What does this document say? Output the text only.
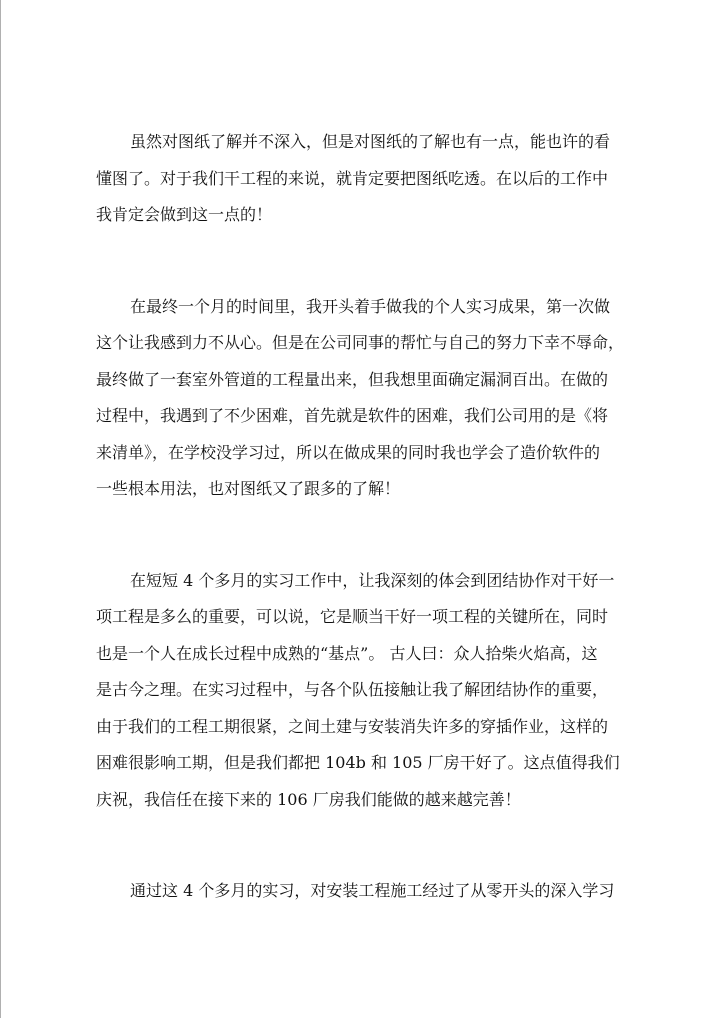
虽然对图纸了解并不深入，但是对图纸的了解也有一点，能也许的看
懂图了。对于我们干工程的来说，就肯定要把图纸吃透。在以后的工作中
我肯定会做到这一点的！
在最终一个月的时间里，我开头着手做我的个人实习成果，第一次做
这个让我感到力不从心。但是在公司同事的帮忙与自己的努力下幸不辱命，
最终做了一套室外管道的工程量出来，但我想里面确定漏洞百出。在做的
过程中，我遇到了不少困难，首先就是软件的困难，我们公司用的是《将
来清单》，在学校没学习过，所以在做成果的同时我也学会了造价软件的
一些根本用法，也对图纸又了跟多的了解！
在短短 4 个多月的实习工作中，让我深刻的体会到团结协作对干好一
项工程是多么的重要，可以说，它是顺当干好一项工程的关键所在，同时
也是一个人在成长过程中成熟的“基点”。 古人曰：众人拾柴火焰高，这
是古今之理。在实习过程中，与各个队伍接触让我了解团结协作的重要，
由于我们的工程工期很紧，之间土建与安装消失许多的穿插作业，这样的
困难很影响工期，但是我们都把 104b 和 105 厂房干好了。这点值得我们
庆祝，我信任在接下来的 106 厂房我们能做的越来越完善！
通过这 4 个多月的实习，对安装工程施工经过了从零开头的深入学习
